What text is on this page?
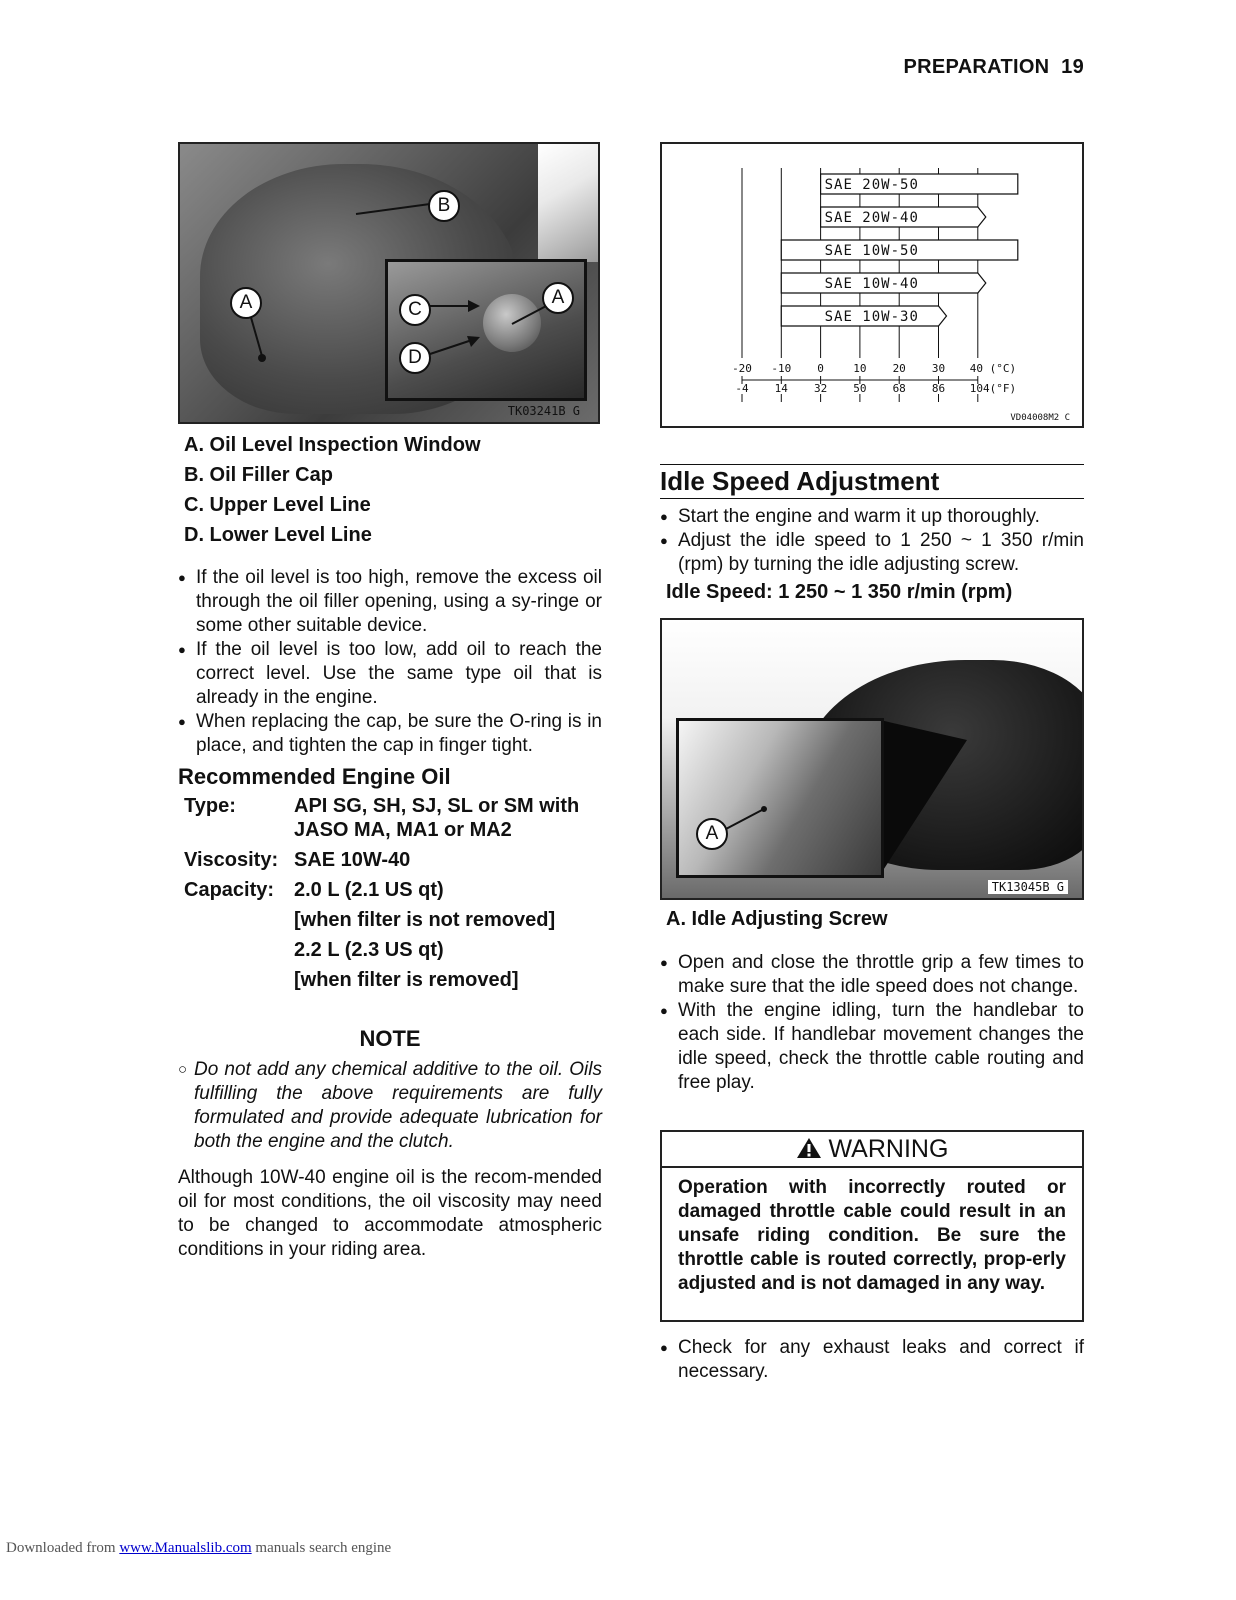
PREPARATION 19
B
A	C
A
D
TK03241B G
A. Oil Level Inspection Window
B. Oil Filler Cap
C. Upper Level Line
D. Lower Level Line
● If the oil level is too high, remove the excess oil through the oil filler opening, using a sy-ringe or some other suitable device.
● If the oil level is too low, add oil to reach the correct level. Use the same type oil that is already in the engine.
● When replacing the cap, be sure the O-ring is in place, and tighten the cap in finger tight.
Recommended Engine Oil
Type:	API SG, SH, SJ, SL or SM with
	JASO MA, MA1 or MA2
Viscosity:	SAE 10W-40
Capacity:	2.0 L (2.1 US qt)
	[when filter is not removed]
	2.2 L (2.3 US qt)
	[when filter is removed]
NOTE
○ Do not add any chemical additive to the oil. Oils fulfilling the above requirements are fully formulated and provide adequate lubrication for both the engine and the clutch.
Although 10W-40 engine oil is the recom-mended oil for most conditions, the oil viscosity may need to be changed to accommodate atmospheric conditions in your riding area.
SAE 20W-50
SAE 20W-40
SAE 10W-50
SAE 10W-40
SAE 10W-30
-20 -10 0	10 20 30 40 (°C)
-4 14 32 50 68 86 104(°F)
VD04008M2 C
Idle Speed Adjustment
● Start the engine and warm it up thoroughly.
● Adjust the idle speed to 1 250 ~ 1 350 r/min (rpm) by turning the idle adjusting screw.
Idle Speed: 1 250 ~ 1 350 r/min (rpm)
A
TK13045B G
A. Idle Adjusting Screw
● Open and close the throttle grip a few times to make sure that the idle speed does not change.
● With the engine idling, turn the handlebar to each side. If handlebar movement changes the idle speed, check the throttle cable routing and free play.
WARNING
Operation with incorrectly routed or damaged throttle cable could result in an unsafe riding condition. Be sure the throttle cable is routed correctly, prop-erly adjusted and is not damaged in any way.
● Check for any exhaust leaks and correct if necessary.
Downloaded from www.Manualslib.com manuals search engine
